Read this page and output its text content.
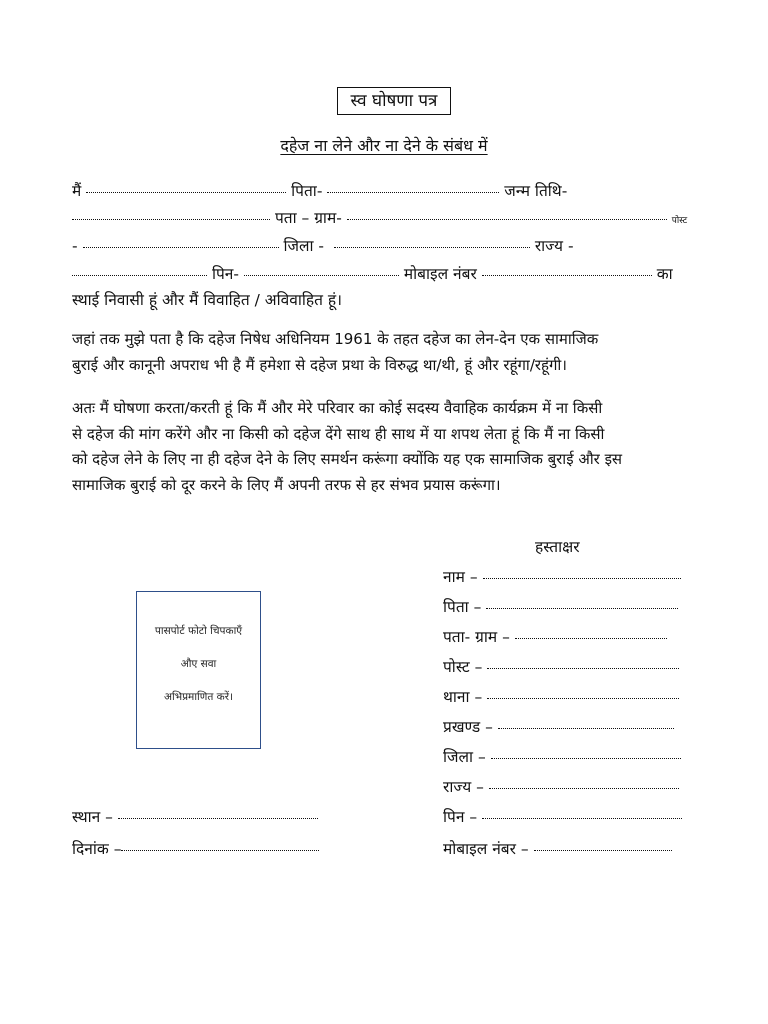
स्व घोषणा पत्र
दहेज ना लेने और ना देने के संबंध में
मैं	पिता-	जन्म तिथि-
पता – ग्राम-	पोस्ट
-	जिला -	राज्य -
पिन-	मोबाइल नंबर	का
स्थाई निवासी हूं और मैं विवाहित / अविवाहित हूं।
जहां तक मुझे पता है कि दहेज निषेध अधिनियम 1961 के तहत दहेज का लेन-देन एक सामाजिक
बुराई और कानूनी अपराध भी है मैं हमेशा से दहेज प्रथा के विरुद्ध था/थी, हूं और रहूंगा/रहूंगी।
अतः मैं घोषणा करता/करती हूं कि मैं और मेरे परिवार का कोई सदस्य वैवाहिक कार्यक्रम में ना किसी
से दहेज की मांग करेंगे और ना किसी को दहेज देंगे साथ ही साथ में या शपथ लेता हूं कि मैं ना किसी
को दहेज लेने के लिए ना ही दहेज देने के लिए समर्थन करूंगा क्योंकि यह एक सामाजिक बुराई और इस
सामाजिक बुराई को दूर करने के लिए मैं अपनी तरफ से हर संभव प्रयास करूंगा।
हस्ताक्षर
नाम –
पिता –
पता- ग्राम –
पोस्ट –
थाना –
प्रखण्ड –
जिला –
राज्य –
पिन –
मोबाइल नंबर –
पासपोर्ट फोटो चिपकाएँ
औए सवा
अभिप्रमाणित करें।
स्थान –
दिनांक –
